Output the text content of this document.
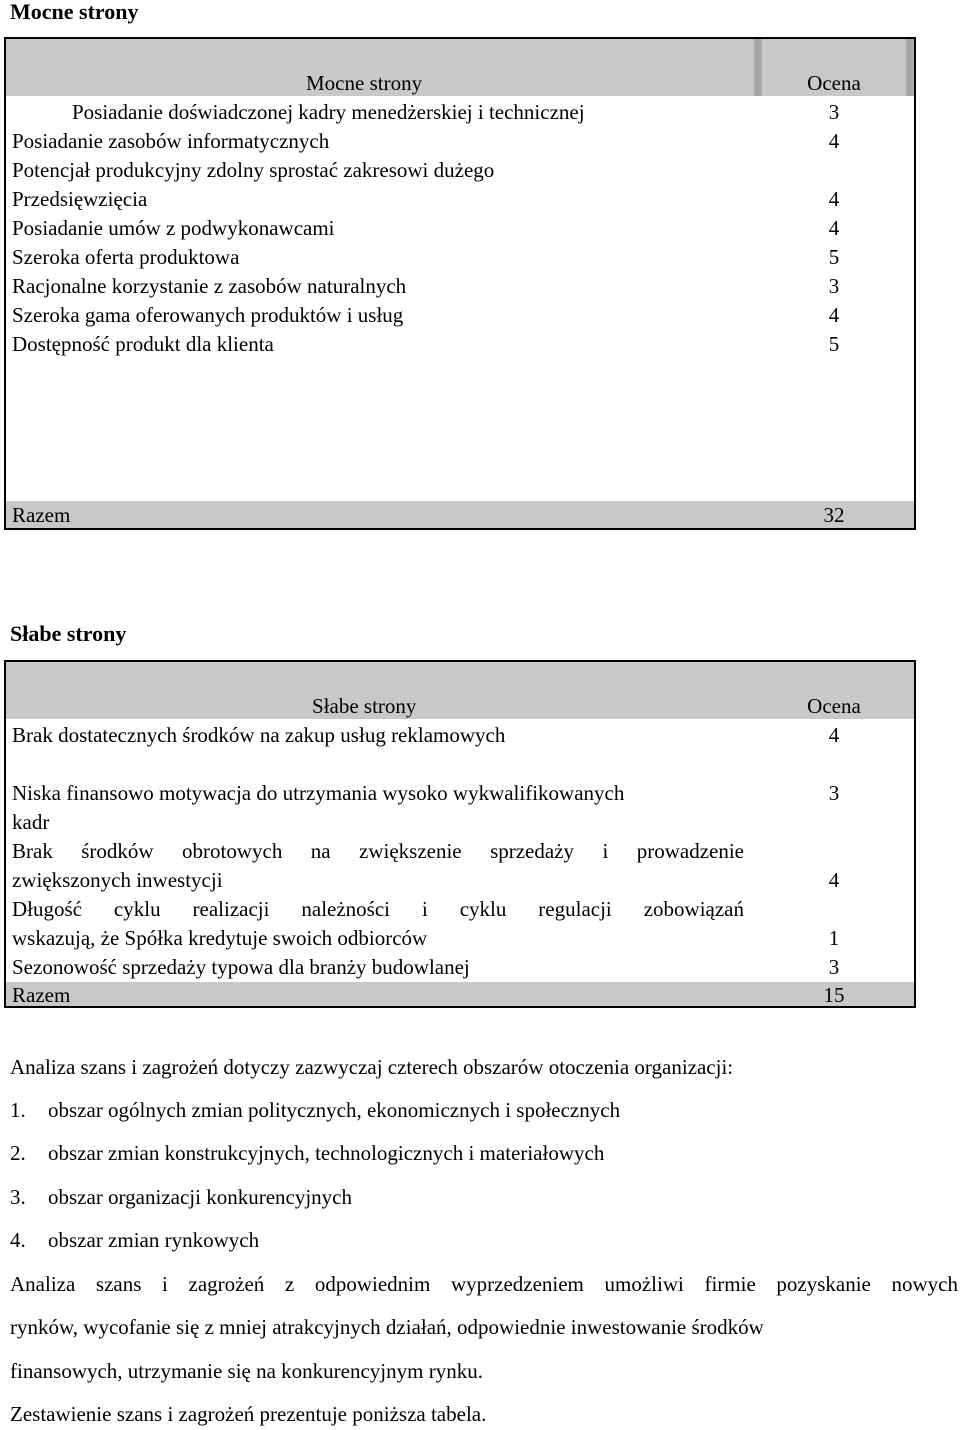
Mocne strony
Mocne strony	Ocena
Posiadanie doświadczonej kadry menedżerskiej i technicznej	3
Posiadanie zasobów informatycznych	4
Potencjał produkcyjny zdolny sprostać zakresowi dużego
Przedsięwzięcia	4
Posiadanie umów z podwykonawcami	4
Szeroka oferta produktowa	5
Racjonalne korzystanie z zasobów naturalnych	3
Szeroka gama oferowanych produktów i usług	4
Dostępność produkt dla klienta	5
Razem	32
Słabe strony
Słabe strony	Ocena
Brak dostatecznych środków na zakup usług reklamowych	4
Niska finansowo motywacja do utrzymania wysoko wykwalifikowanych	3
kadr
Brak środków obrotowych na zwiększenie sprzedaży i prowadzenie
zwiększonych inwestycji	4
Długość cyklu realizacji należności i cyklu regulacji zobowiązań
wskazują, że Spółka kredytuje swoich odbiorców	1
Sezonowość sprzedaży typowa dla branży budowlanej	3
Razem	15
Analiza szans i zagrożeń dotyczy zazwyczaj czterech obszarów otoczenia organizacji:
1. obszar ogólnych zmian politycznych, ekonomicznych i społecznych
2. obszar zmian konstrukcyjnych, technologicznych i materiałowych
3. obszar organizacji konkurencyjnych
4. obszar zmian rynkowych
Analiza szans i zagrożeń z odpowiednim wyprzedzeniem umożliwi firmie pozyskanie nowych
rynków, wycofanie się z mniej atrakcyjnych działań, odpowiednie inwestowanie środków
finansowych, utrzymanie się na konkurencyjnym rynku.
Zestawienie szans i zagrożeń prezentuje poniższa tabela.
